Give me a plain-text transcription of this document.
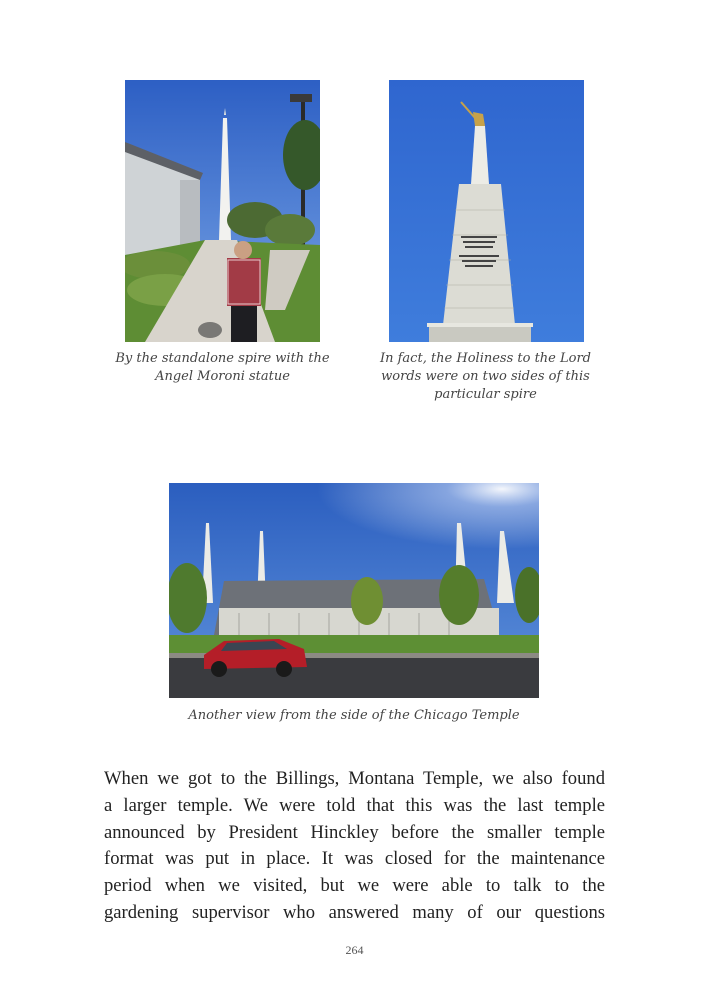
By the standalone spire with the
Angel Moroni statue
In fact, the Holiness to the Lord
words were on two sides of this
particular spire
Another view from the side of the Chicago Temple
When we got to the Billings, Montana Temple, we also found
a larger temple. We were told that this was the last temple
announced by President Hinckley before the smaller temple
format was put in place. It was closed for the maintenance
period when we visited, but we were able to talk to the
gardening supervisor who answered many of our questions
264
